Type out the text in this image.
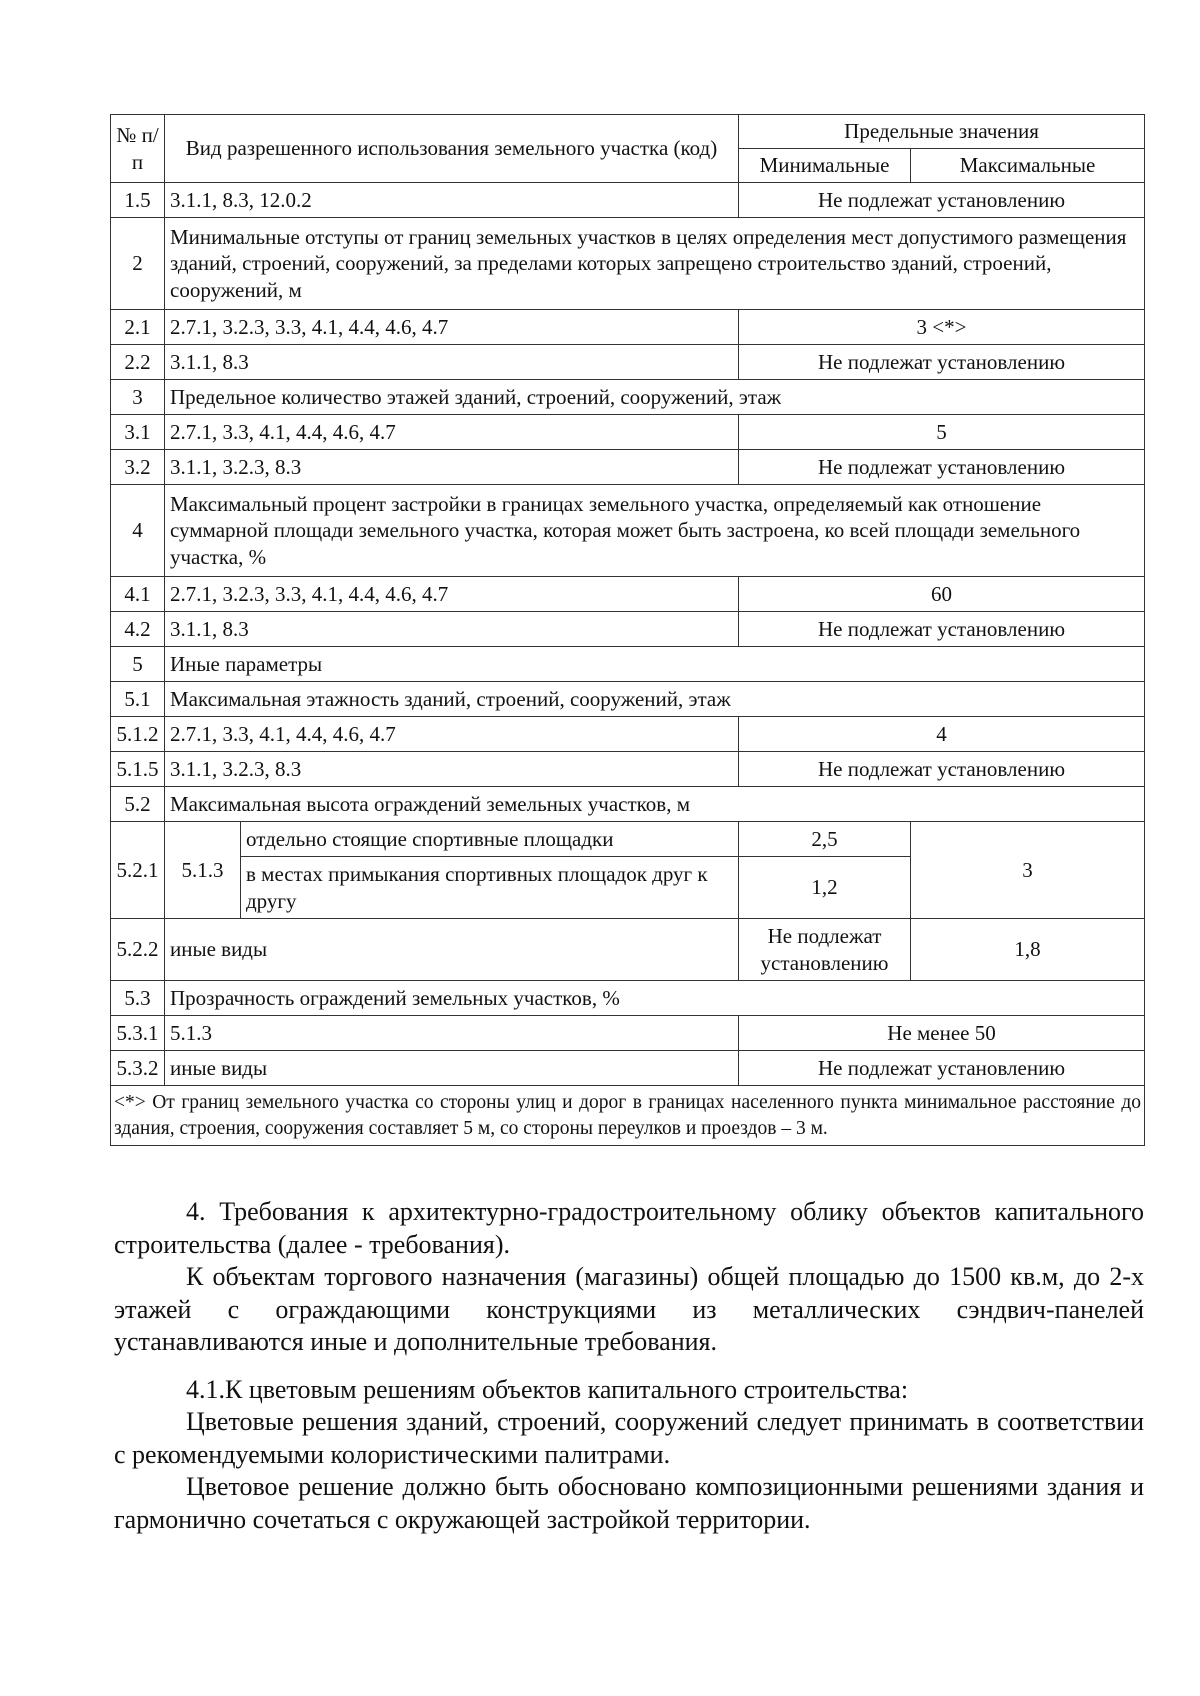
№ п/п	Вид разрешенного использования земельного участка (код)		Предельные значения	
			Минимальные	Максимальные
1.5	3.1.1, 8.3, 12.0.2		Не подлежат установлению	
2	Минимальные отступы от границ земельных участков в целях определения мест допустимого размещения зданий, строений, сооружений, за пределами которых запрещено строительство зданий, строений, сооружений, м			
2.1	2.7.1, 3.2.3, 3.3, 4.1, 4.4, 4.6, 4.7		3 <*>	
2.2	3.1.1, 8.3		Не подлежат установлению	
3	Предельное количество этажей зданий, строений, сооружений, этаж			
3.1	2.7.1, 3.3, 4.1, 4.4, 4.6, 4.7		5	
3.2	3.1.1, 3.2.3, 8.3		Не подлежат установлению	
4	Максимальный процент застройки в границах земельного участка, определяемый как отношение суммарной площади земельного участка, которая может быть застроена, ко всей площади земельного участка, %			
4.1	2.7.1, 3.2.3, 3.3, 4.1, 4.4, 4.6, 4.7		60	
4.2	3.1.1, 8.3		Не подлежат установлению	
5	Иные параметры			
5.1	Максимальная этажность зданий, строений, сооружений, этаж			
5.1.2	2.7.1, 3.3, 4.1, 4.4, 4.6, 4.7		4	
5.1.5	3.1.1, 3.2.3, 8.3		Не подлежат установлению	
5.2	Максимальная высота ограждений земельных участков, м			
5.2.1	5.1.3	отдельно стоящие спортивные площадки	2,5	3
		в местах примыкания спортивных площадок друг к другу	1,2	
5.2.2	иные виды		Не подлежат установлению	1,8
5.3	Прозрачность ограждений земельных участков, %			
5.3.1	5.1.3		Не менее 50	
5.3.2	иные виды		Не подлежат установлению	
<*> От границ земельного участка со стороны улиц и дорог в границах населенного пункта минимальное расстояние до здания, строения, сооружения составляет 5 м, со стороны переулков и проездов – 3 м.				

4. Требования к архитектурно-градостроительному облику объектов капитального строительства (далее - требования).

К объектам торгового назначения (магазины) общей площадью до 1500 кв.м, до 2-х этажей с ограждающими конструкциями из металлических сэндвич-панелей устанавливаются иные и дополнительные требования.

4.1.К цветовым решениям объектов капитального строительства:

Цветовые решения зданий, строений, сооружений следует принимать в соответствии с рекомендуемыми колористическими палитрами.

Цветовое решение должно быть обосновано композиционными решениями здания и гармонично сочетаться с окружающей застройкой территории.
